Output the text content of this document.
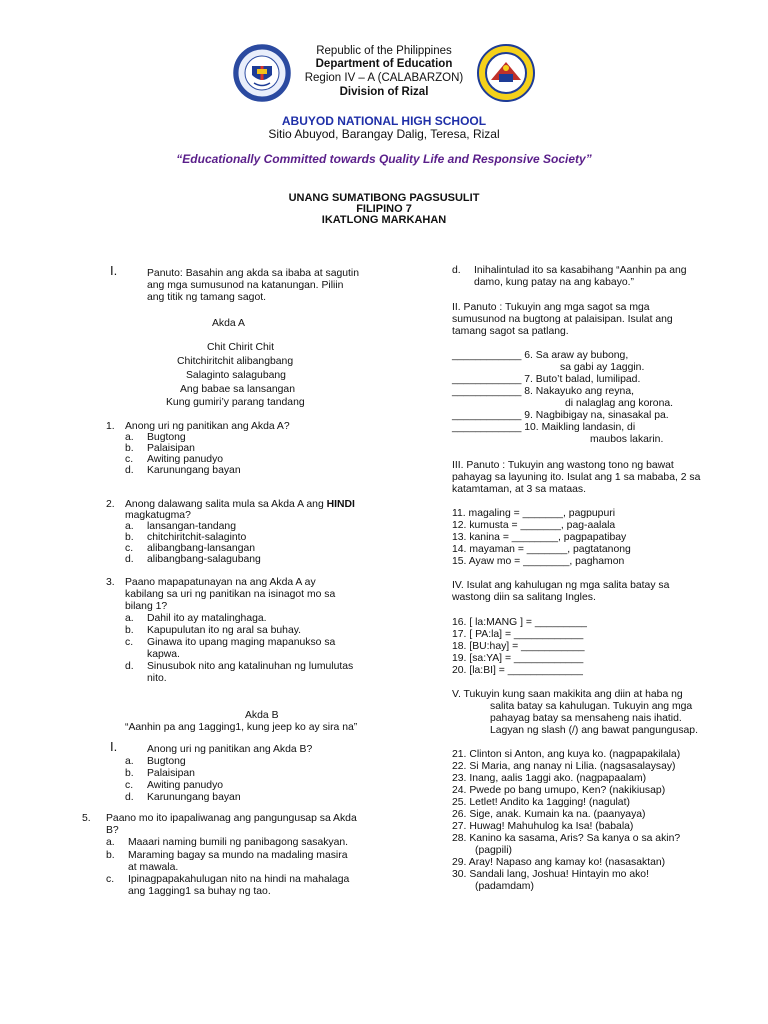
Republic of the Philippines
Department of Education
Region IV – A (CALABARZON)
Division of Rizal
ABUYOD NATIONAL HIGH SCHOOL
Sitio Abuyod, Barangay Dalig, Teresa, Rizal
“Educationally Committed towards Quality Life and Responsive Society”
UNANG SUMATIBONG PAGSUSULIT
FILIPINO 7
IKATLONG MARKAHAN
I.	Panuto: Basahin ang akda sa ibaba at sagutin
ang mga sumusunod na katanungan. Piliin
ang titik ng tamang sagot.
Akda A
Chit Chirit Chit
Chitchiritchit alibangbang
Salaginto salagubang
Ang babae sa lansangan
Kung gumiri’y parang tandang
1. Anong uri ng panitikan ang Akda A?
a. Bugtong
b. Palaisipan
c. Awiting panudyo
d. Karunungang bayan
2. Anong dalawang salita mula sa Akda A ang HINDI
magkatugma?
a. lansangan-tandang
b. chitchiritchit-salaginto
c. alibangbang-lansangan
d. alibangbang-salagubang
3. Paano mapapatunayan na ang Akda A ay
kabilang sa uri ng panitikan na isinagot mo sa
bilang 1?
a. Dahil ito ay matalinghaga.
b. Kapupulutan ito ng aral sa buhay.
c. Ginawa ito upang maging mapanukso sa
kapwa.
d. Sinusubok nito ang katalinuhan ng lumulutas
nito.
Akda B
“Aanhin pa ang 1agging1, kung jeep ko ay sira na”
I.	Anong uri ng panitikan ang Akda B?
a. Bugtong
b. Palaisipan
c. Awiting panudyo
d. Karunungang bayan
5. Paano mo ito ipapaliwanag ang pangungusap sa Akda
B?
a. Maaari naming bumili ng panibagong sasakyan.
b. Maraming bagay sa mundo na madaling masira
at mawala.
c. Ipinagpapakahulugan nito na hindi na mahalaga
ang 1agging1 sa buhay ng tao.
d. Inihalintulad ito sa kasabihang “Aanhin pa ang
damo, kung patay na ang kabayo.”
II. Panuto : Tukuyin ang mga sagot sa mga
sumusunod na bugtong at palaisipan. Isulat ang
tamang sagot sa patlang.
____________ 6. Sa araw ay bubong,
sa gabi ay 1aggin.
____________ 7. Buto’t balad, lumilipad.
____________ 8. Nakayuko ang reyna,
di nalaglag ang korona.
____________ 9. Nagbibigay na, sinasakal pa.
____________ 10. Maikling landasin, di
maubos lakarin.
III. Panuto : Tukuyin ang wastong tono ng bawat
pahayag sa layuning ito. Isulat ang 1 sa mababa, 2 sa
katamtaman, at 3 sa mataas.
11. magaling = _______, pagpupuri
12. kumusta = _______, pag-aalala
13. kanina = ________, pagpapatibay
14. mayaman = _______, pagtatanong
15. Ayaw mo = ________, paghamon
IV. Isulat ang kahulugan ng mga salita batay sa
wastong diin sa salitang Ingles.
16. [ la:MANG ] = _________
17. [ PA:la] = ____________
18. [BU:hay] = ___________
19. [sa:YA] = ____________
20. [la:BI] = _____________
V. Tukuyin kung saan makikita ang diin at haba ng
salita batay sa kahulugan. Tukuyin ang mga
pahayag batay sa mensaheng nais ihatid.
Lagyan ng slash (/) ang bawat pangungusap.
21. Clinton si Anton, ang kuya ko. (nagpapakilala)
22. Si Maria, ang nanay ni Lilia. (nagsasalaysay)
23. Inang, aalis 1aggi ako. (nagpapaalam)
24. Pwede po bang umupo, Ken? (nakikiusap)
25. Letlet! Andito ka 1agging! (nagulat)
26. Sige, anak. Kumain ka na. (paanyaya)
27. Huwag! Mahuhulog ka Isa! (babala)
28. Kanino ka sasama, Aris? Sa kanya o sa akin?
(pagpili)
29. Aray! Napaso ang kamay ko! (nasasaktan)
30. Sandali lang, Joshua! Hintayin mo ako!
(padamdam)
